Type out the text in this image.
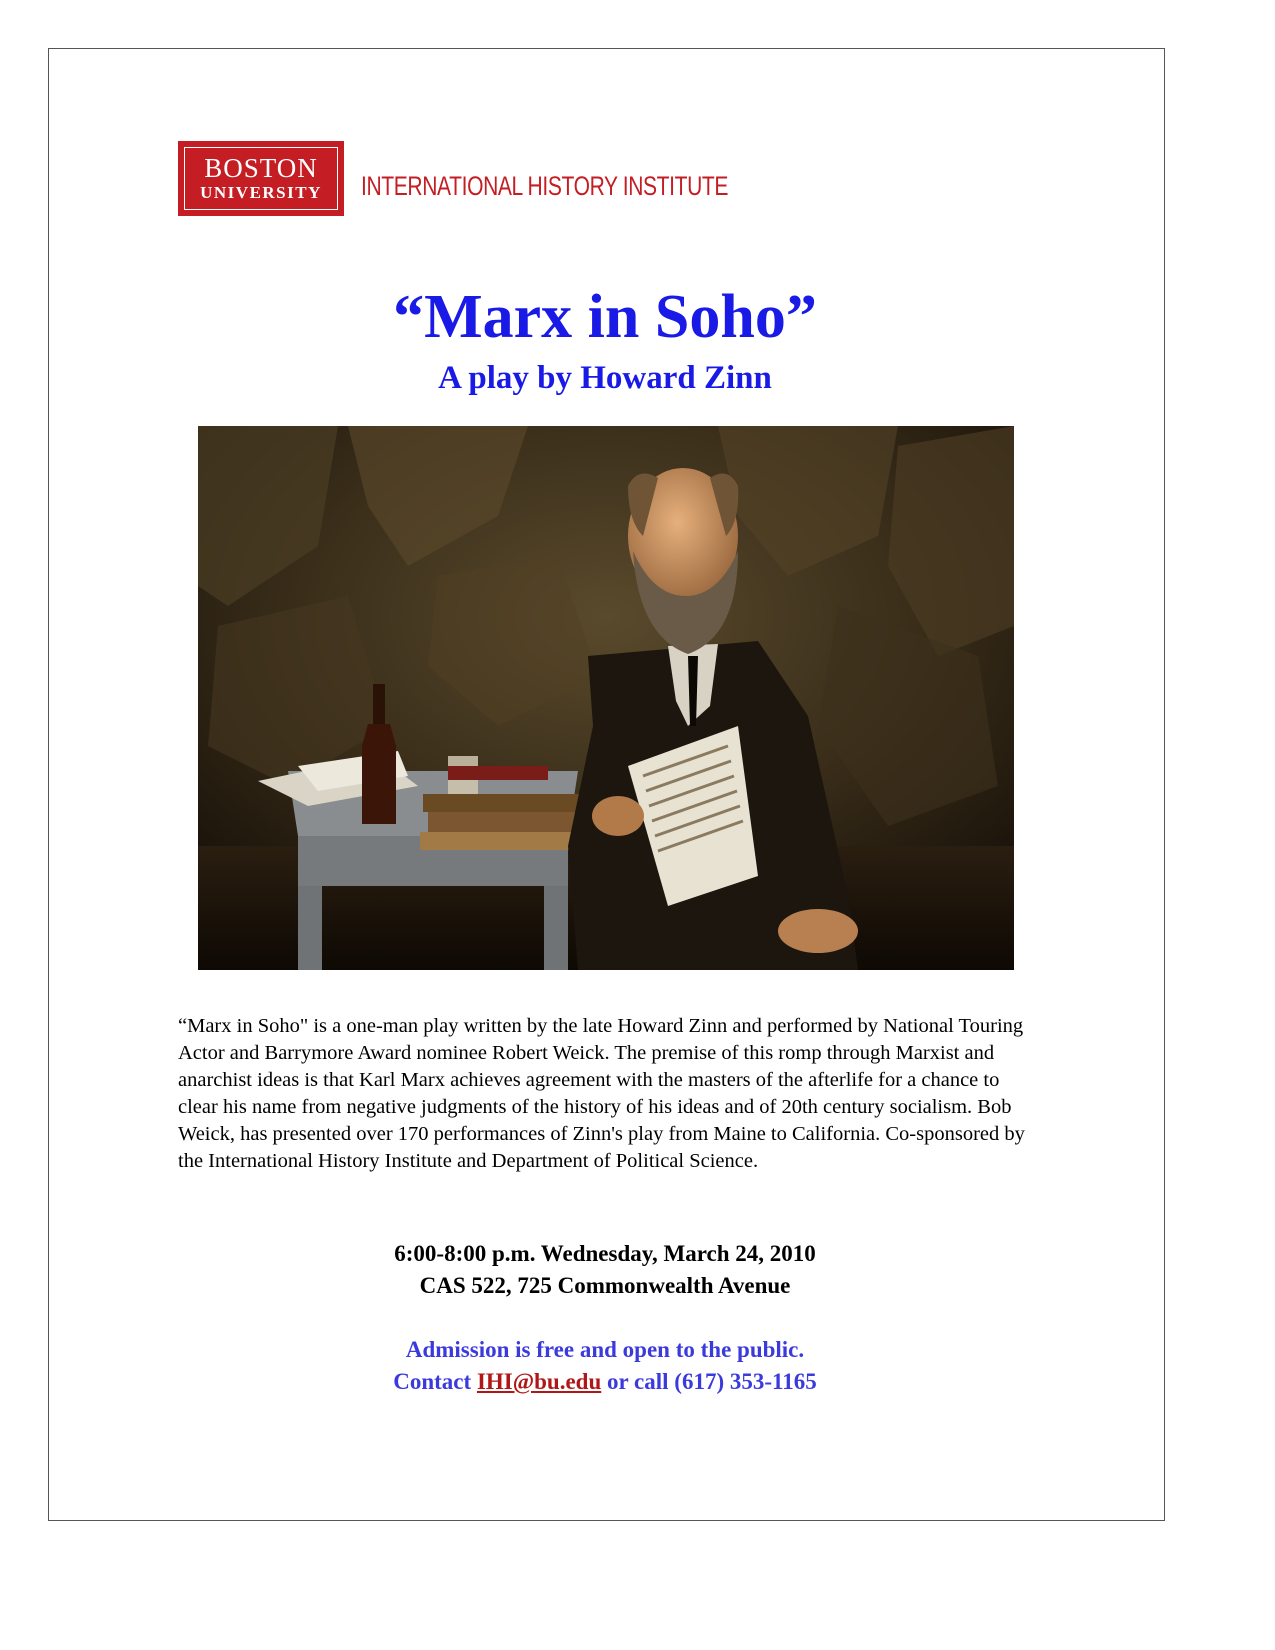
BOSTON
UNIVERSITY	INTERNATIONAL HISTORY INSTITUTE
“Marx in Soho”
A play by Howard Zinn
“Marx in Soho" is a one-man play written by the late Howard Zinn and performed by National Touring Actor and Barrymore Award nominee Robert Weick. The premise of this romp through Marxist and anarchist ideas is that Karl Marx achieves agreement with the masters of the afterlife for a chance to clear his name from negative judgments of the history of his ideas and of 20th century socialism. Bob Weick, has presented over 170 performances of Zinn's play from Maine to California. Co-sponsored by the International History Institute and Department of Political Science.
6:00-8:00 p.m. Wednesday, March 24, 2010
CAS 522, 725 Commonwealth Avenue
Admission is free and open to the public.
Contact IHI@bu.edu or call (617) 353-1165
